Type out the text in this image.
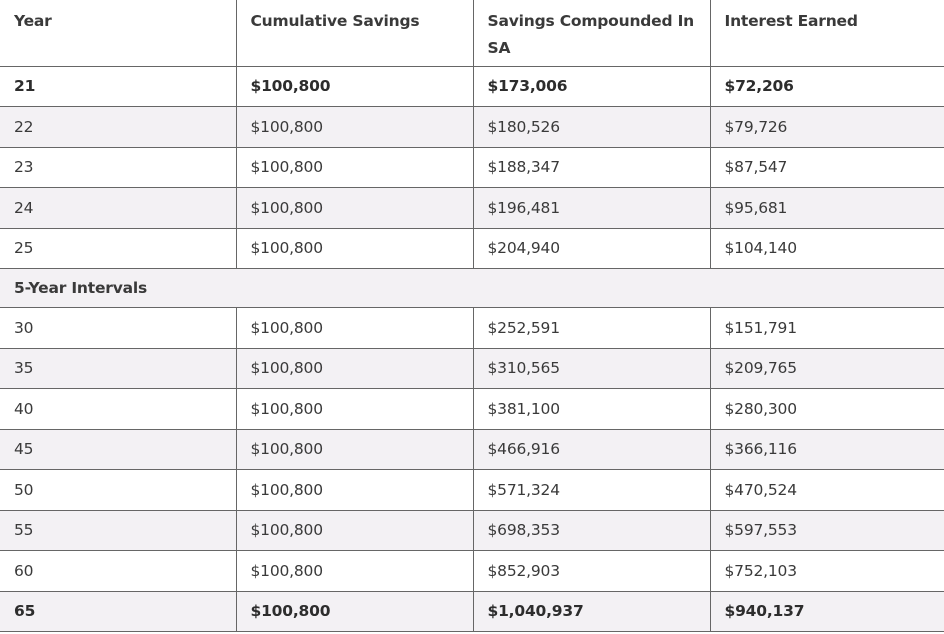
Year	Cumulative Savings	Savings Compounded In SA	Interest Earned
21	$100,800	$173,006	$72,206
22	$100,800	$180,526	$79,726
23	$100,800	$188,347	$87,547
24	$100,800	$196,481	$95,681
25	$100,800	$204,940	$104,140
5-Year Intervals			
30	$100,800	$252,591	$151,791
35	$100,800	$310,565	$209,765
40	$100,800	$381,100	$280,300
45	$100,800	$466,916	$366,116
50	$100,800	$571,324	$470,524
55	$100,800	$698,353	$597,553
60	$100,800	$852,903	$752,103
65	$100,800	$1,040,937	$940,137
